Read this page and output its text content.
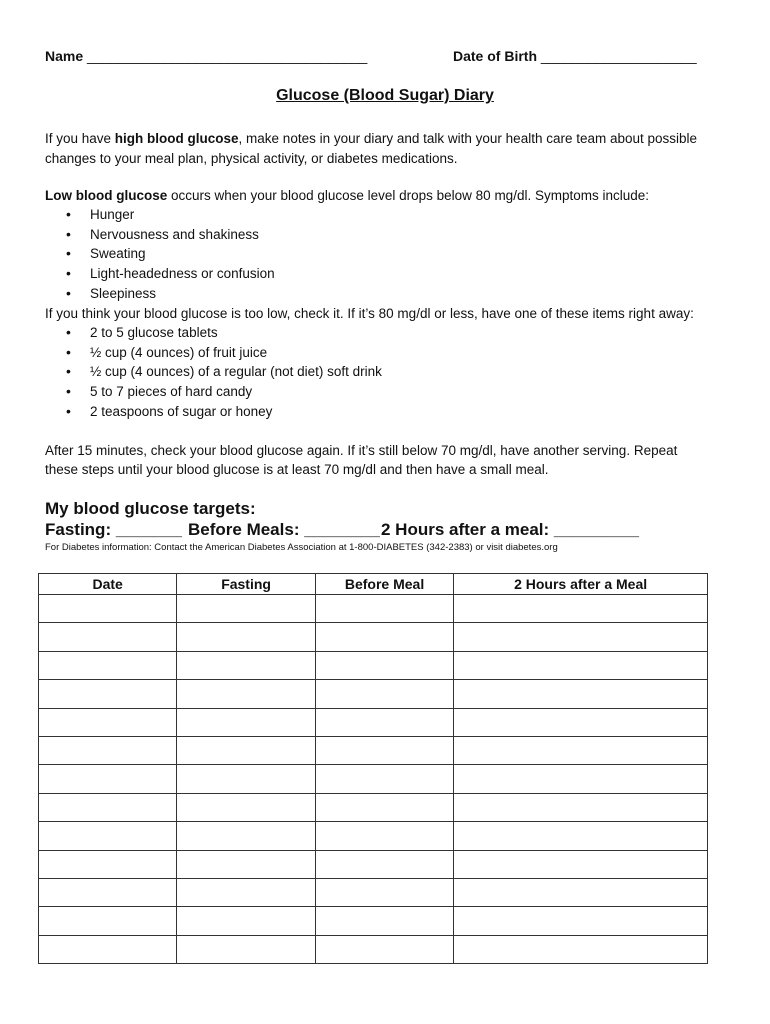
Name ____________________________________	Date of Birth ____________________
Glucose (Blood Sugar) Diary
If you have high blood glucose, make notes in your diary and talk with your health care team about possible
changes to your meal plan, physical activity, or diabetes medications.
Low blood glucose occurs when your blood glucose level drops below 80 mg/dl. Symptoms include:
• Hunger
• Nervousness and shakiness
• Sweating
• Light-headedness or confusion
• Sleepiness
If you think your blood glucose is too low, check it. If it’s 80 mg/dl or less, have one of these items right away:
• 2 to 5 glucose tablets
• ½ cup (4 ounces) of fruit juice
• ½ cup (4 ounces) of a regular (not diet) soft drink
• 5 to 7 pieces of hard candy
• 2 teaspoons of sugar or honey
After 15 minutes, check your blood glucose again. If it’s still below 70 mg/dl, have another serving. Repeat
these steps until your blood glucose is at least 70 mg/dl and then have a small meal.
My blood glucose targets:
Fasting: _______ Before Meals: ________ 2 Hours after a meal: _________
For Diabetes information: Contact the American Diabetes Association at 1-800-DIABETES (342-2383) or visit diabetes.org
Date	Fasting	Before Meal	2 Hours after a Meal
